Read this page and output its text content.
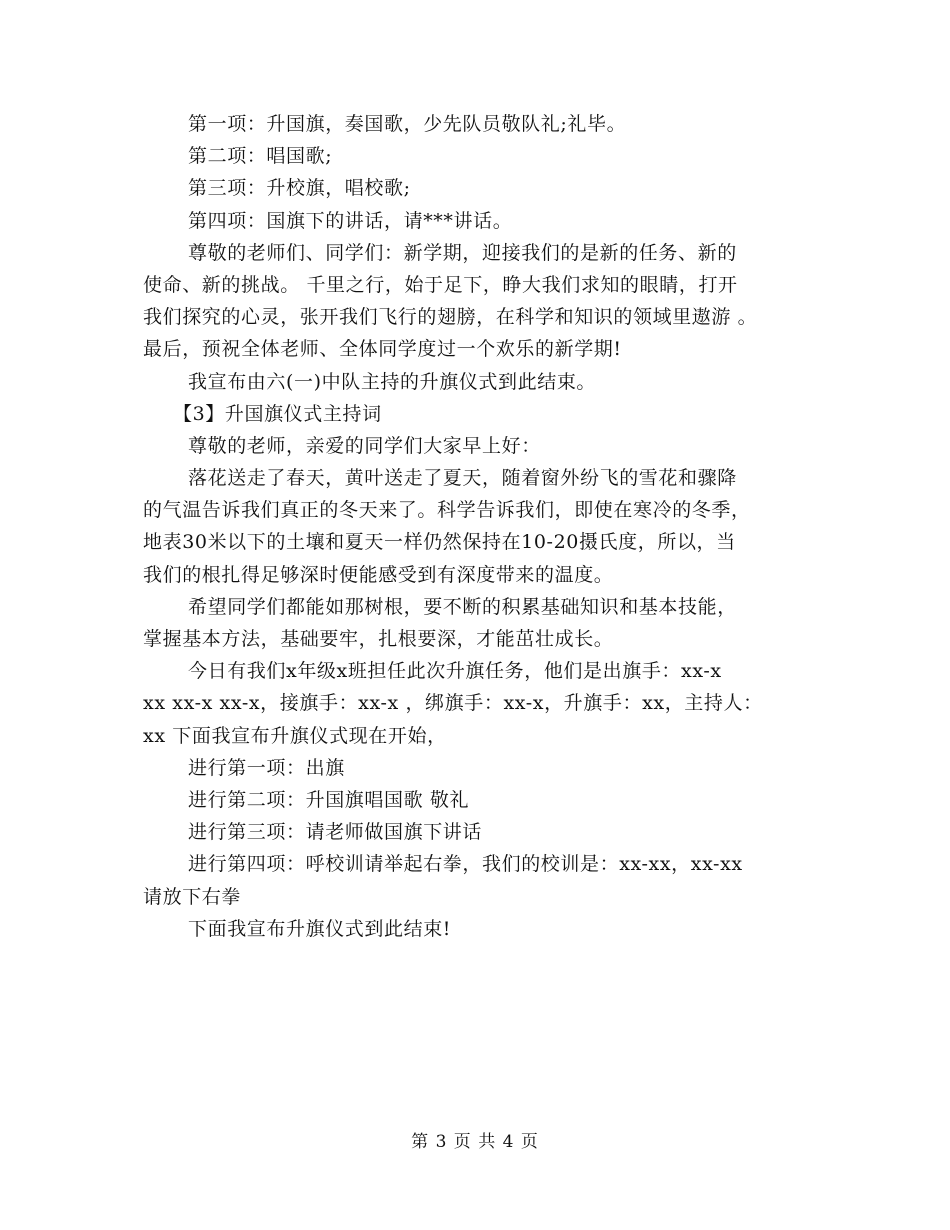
第一项：升国旗，奏国歌，少先队员敬队礼;礼毕。
第二项：唱国歌;
第三项：升校旗，唱校歌;
第四项：国旗下的讲话，请***讲话。
尊敬的老师们、同学们：新学期，迎接我们的是新的任务、新的
使命、新的挑战。 千里之行，始于足下，睁大我们求知的眼睛，打开
我们探究的心灵，张开我们飞行的翅膀，在科学和知识的领域里遨游 。
最后，预祝全体老师、全体同学度过一个欢乐的新学期!
我宣布由六(一)中队主持的升旗仪式到此结束。
【3】升国旗仪式主持词
尊敬的老师，亲爱的同学们大家早上好：
落花送走了春天，黄叶送走了夏天，随着窗外纷飞的雪花和骤降
的气温告诉我们真正的冬天来了。科学告诉我们，即使在寒冷的冬季，
地表30米以下的土壤和夏天一样仍然保持在10-20摄氏度，所以，当
我们的根扎得足够深时便能感受到有深度带来的温度。
希望同学们都能如那树根，要不断的积累基础知识和基本技能，
掌握基本方法，基础要牢，扎根要深，才能茁壮成长。
今日有我们x年级x班担任此次升旗任务，他们是出旗手：xx-x
xx xx-x xx-x，接旗手：xx-x ，绑旗手：xx-x，升旗手：xx，主持人：
xx 下面我宣布升旗仪式现在开始，
进行第一项：出旗
进行第二项：升国旗唱国歌 敬礼
进行第三项：请老师做国旗下讲话
进行第四项：呼校训请举起右拳，我们的校训是：xx-xx，xx-xx
请放下右拳
下面我宣布升旗仪式到此结束!
第 3 页 共 4 页
